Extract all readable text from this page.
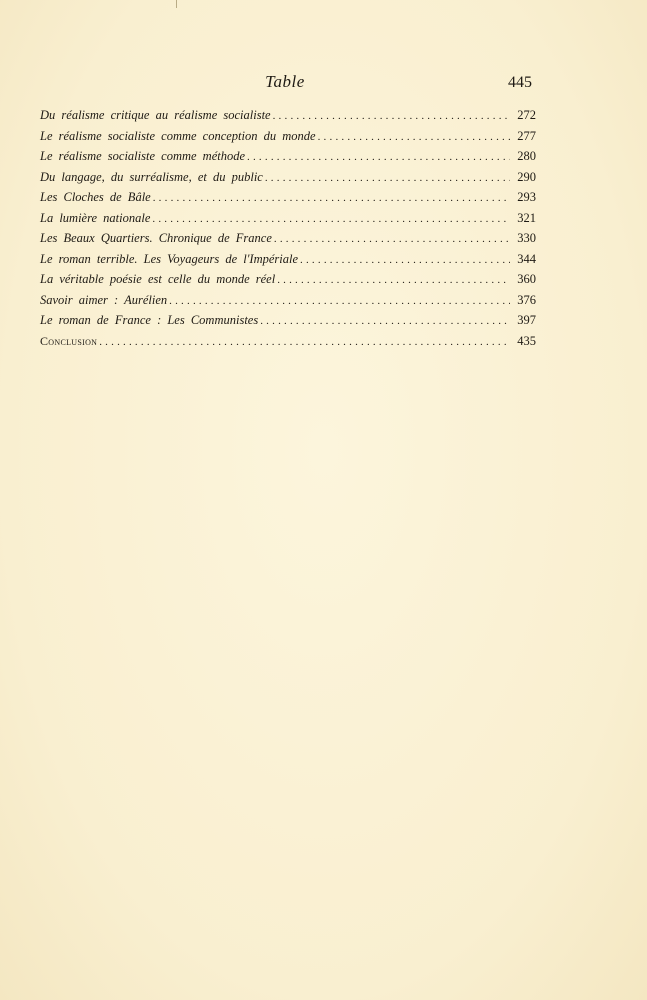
Table	445
Du réalisme critique au réalisme socialiste .....	272
Le réalisme socialiste comme conception du monde .....	277
Le réalisme socialiste comme méthode .....	280
Du langage, du surréalisme, et du public .....	290
Les Cloches de Bâle .....	293
La lumière nationale .....	321
Les Beaux Quartiers. Chronique de France .....	330
Le roman terrible. Les Voyageurs de l'Impériale .....	344
La véritable poésie est celle du monde réel .....	360
Savoir aimer : Aurélien .....	376
Le roman de France : Les Communistes .....	397
Conclusion .....	435
